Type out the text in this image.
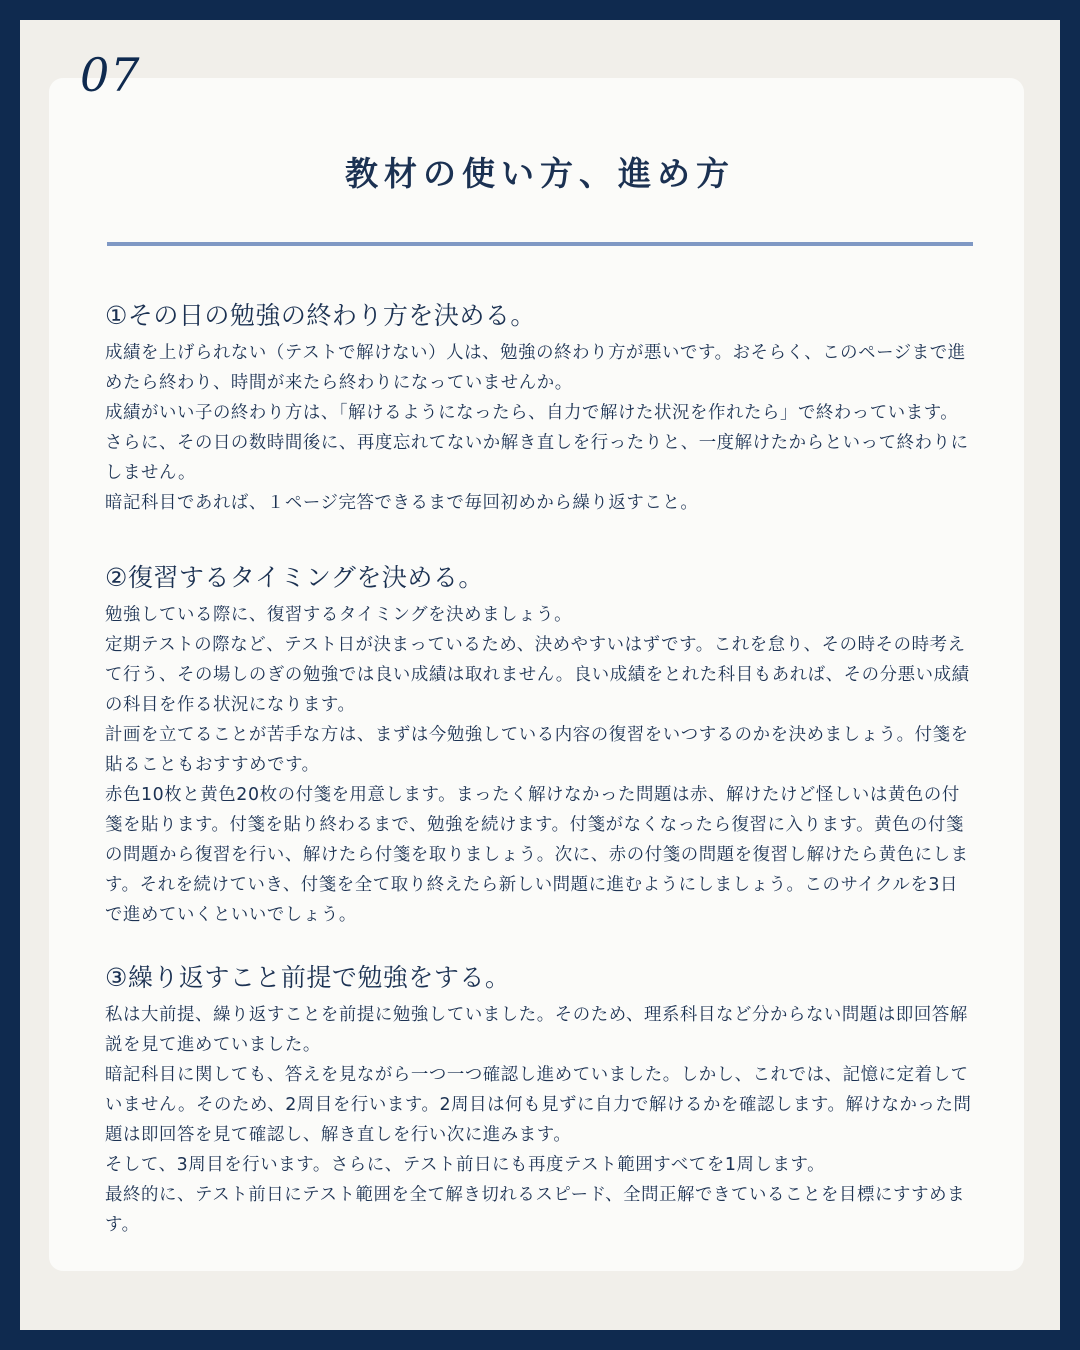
07
教材の使い方、進め方
①その日の勉強の終わり方を決める。

成績を上げられない（テストで解けない）人は、勉強の終わり方が悪いです。おそらく、このページまで進めたら終わり、時間が来たら終わりになっていませんか。

成績がいい子の終わり方は、「解けるようになったら、自力で解けた状況を作れたら」で終わっています。さらに、その日の数時間後に、再度忘れてないか解き直しを行ったりと、一度解けたからといって終わりにしません。

暗記科目であれば、１ページ完答できるまで毎回初めから繰り返すこと。

②復習するタイミングを決める。

勉強している際に、復習するタイミングを決めましょう。

定期テストの際など、テスト日が決まっているため、決めやすいはずです。これを怠り、その時その時考えて行う、その場しのぎの勉強では良い成績は取れません。良い成績をとれた科目もあれば、その分悪い成績の科目を作る状況になります。

計画を立てることが苦手な方は、まずは今勉強している内容の復習をいつするのかを決めましょう。付箋を貼ることもおすすめです。

赤色10枚と黄色20枚の付箋を用意します。まったく解けなかった問題は赤、解けたけど怪しいは黄色の付箋を貼ります。付箋を貼り終わるまで、勉強を続けます。付箋がなくなったら復習に入ります。黄色の付箋の問題から復習を行い、解けたら付箋を取りましょう。次に、赤の付箋の問題を復習し解けたら黄色にします。それを続けていき、付箋を全て取り終えたら新しい問題に進むようにしましょう。このサイクルを3日で進めていくといいでしょう。

③繰り返すこと前提で勉強をする。

私は大前提、繰り返すことを前提に勉強していました。そのため、理系科目など分からない問題は即回答解説を見て進めていました。

暗記科目に関しても、答えを見ながら一つ一つ確認し進めていました。しかし、これでは、記憶に定着していません。そのため、2周目を行います。2周目は何も見ずに自力で解けるかを確認します。解けなかった問題は即回答を見て確認し、解き直しを行い次に進みます。

そして、3周目を行います。さらに、テスト前日にも再度テスト範囲すべてを1周します。

最終的に、テスト前日にテスト範囲を全て解き切れるスピード、全問正解できていることを目標にすすめます。
